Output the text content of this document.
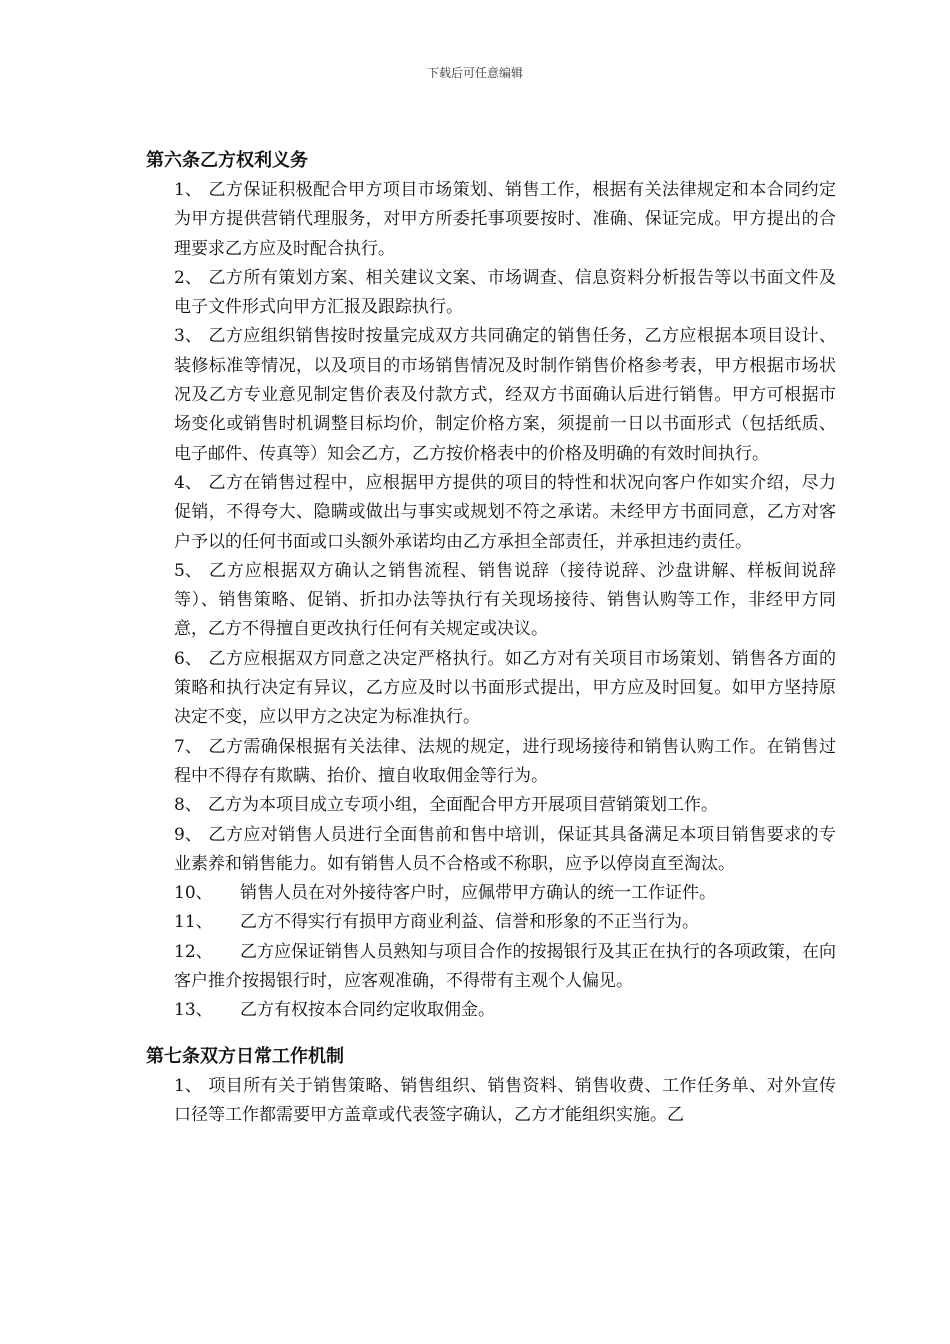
下载后可任意编辑
第六条乙方权利义务
1、 乙方保证积极配合甲方项目市场策划、销售工作，根据有关法律规定和本合同约定为甲方提供营销代理服务，对甲方所委托事项要按时、准确、保证完成。甲方提出的合理要求乙方应及时配合执行。
2、 乙方所有策划方案、相关建议文案、市场调查、信息资料分析报告等以书面文件及电子文件形式向甲方汇报及跟踪执行。
3、 乙方应组织销售按时按量完成双方共同确定的销售任务，乙方应根据本项目设计、装修标准等情况，以及项目的市场销售情况及时制作销售价格参考表，甲方根据市场状况及乙方专业意见制定售价表及付款方式，经双方书面确认后进行销售。甲方可根据市场变化或销售时机调整目标均价，制定价格方案，须提前一日以书面形式（包括纸质、电子邮件、传真等）知会乙方，乙方按价格表中的价格及明确的有效时间执行。
4、 乙方在销售过程中，应根据甲方提供的项目的特性和状况向客户作如实介绍，尽力促销，不得夸大、隐瞒或做出与事实或规划不符之承诺。未经甲方书面同意，乙方对客户予以的任何书面或口头额外承诺均由乙方承担全部责任，并承担违约责任。
5、 乙方应根据双方确认之销售流程、销售说辞（接待说辞、沙盘讲解、样板间说辞等）、销售策略、促销、折扣办法等执行有关现场接待、销售认购等工作，非经甲方同意，乙方不得擅自更改执行任何有关规定或决议。
6、 乙方应根据双方同意之决定严格执行。如乙方对有关项目市场策划、销售各方面的策略和执行决定有异议，乙方应及时以书面形式提出，甲方应及时回复。如甲方坚持原决定不变，应以甲方之决定为标准执行。
7、 乙方需确保根据有关法律、法规的规定，进行现场接待和销售认购工作。在销售过程中不得存有欺瞒、抬价、擅自收取佣金等行为。
8、 乙方为本项目成立专项小组，全面配合甲方开展项目营销策划工作。
9、 乙方应对销售人员进行全面售前和售中培训，保证其具备满足本项目销售要求的专业素养和销售能力。如有销售人员不合格或不称职，应予以停岗直至淘汰。
10、 销售人员在对外接待客户时，应佩带甲方确认的统一工作证件。
11、 乙方不得实行有损甲方商业利益、信誉和形象的不正当行为。
12、 乙方应保证销售人员熟知与项目合作的按揭银行及其正在执行的各项政策，在向客户推介按揭银行时，应客观准确，不得带有主观个人偏见。
13、 乙方有权按本合同约定收取佣金。
第七条双方日常工作机制
1、 项目所有关于销售策略、销售组织、销售资料、销售收费、工作任务单、对外宣传口径等工作都需要甲方盖章或代表签字确认，乙方才能组织实施。乙
